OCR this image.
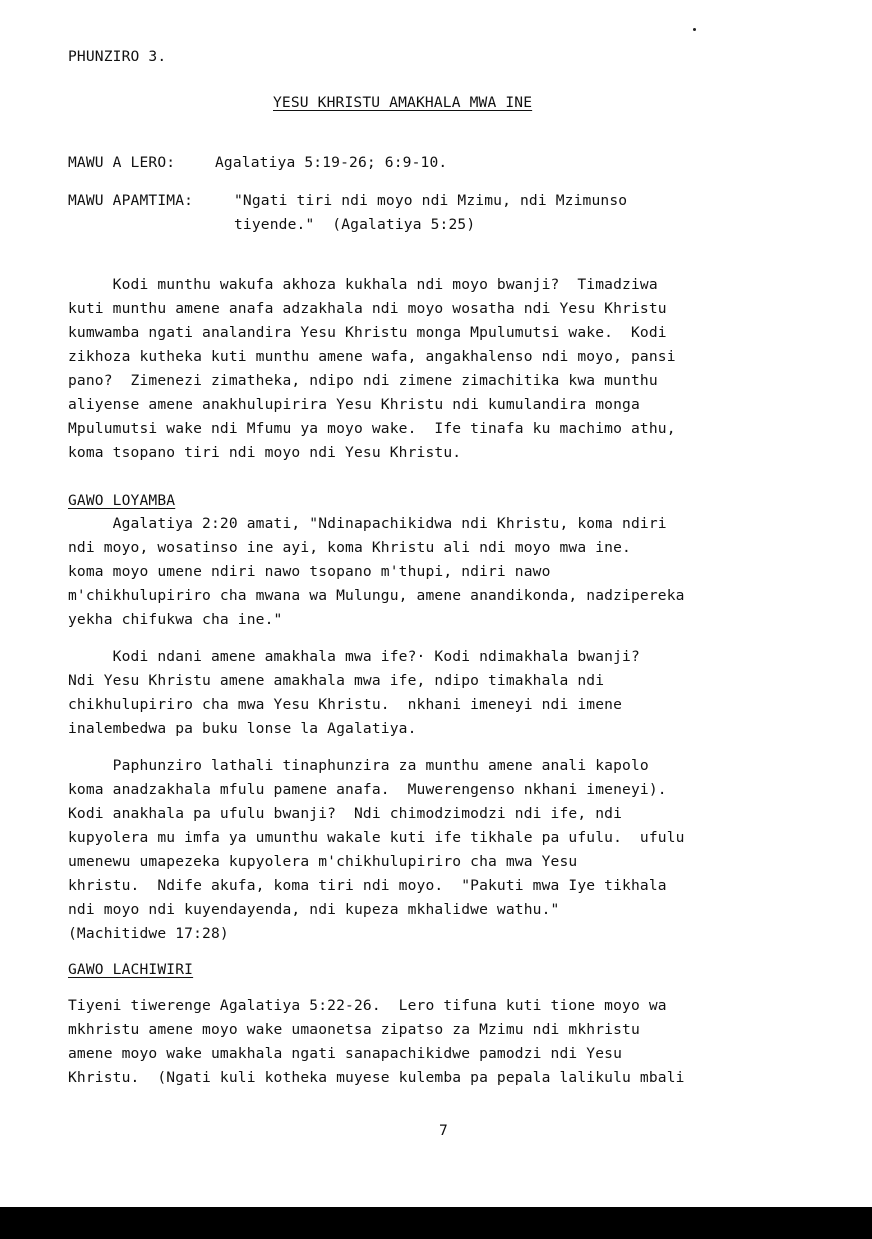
PHUNZIRO 3.
YESU KHRISTU AMAKHALA MWA INE
MAWU A LERO:	Agalatiya 5:19-26; 6:9-10.
MAWU APAMTIMA:	"Ngati tiri ndi moyo ndi Mzimu, ndi Mzimunso
tiyende."  (Agalatiya 5:25)
Kodi munthu wakufa akhoza kukhala ndi moyo bwanji?  Timadziwa
kuti munthu amene anafa adzakhala ndi moyo wosatha ndi Yesu Khristu
kumwamba ngati analandira Yesu Khristu monga Mpulumutsi wake.  Kodi
zikhoza kutheka kuti munthu amene wafa, angakhalenso ndi moyo, pansi
pano?  Zimenezi zimatheka, ndipo ndi zimene zimachitika kwa munthu
aliyense amene anakhulupirira Yesu Khristu ndi kumulandira monga
Mpulumutsi wake ndi Mfumu ya moyo wake.  Ife tinafa ku machimo athu,
koma tsopano tiri ndi moyo ndi Yesu Khristu.
GAWO LOYAMBA
Agalatiya 2:20 amati, "Ndinapachikidwa ndi Khristu, koma ndiri
ndi moyo, wosatinso ine ayi, koma Khristu ali ndi moyo mwa ine.
koma moyo umene ndiri nawo tsopano m'thupi, ndiri nawo
m'chikhulupiriro cha mwana wa Mulungu, amene anandikonda, nadzipereka
yekha chifukwa cha ine."
Kodi ndani amene amakhala mwa ife?· Kodi ndimakhala bwanji?
Ndi Yesu Khristu amene amakhala mwa ife, ndipo timakhala ndi
chikhulupiriro cha mwa Yesu Khristu.  nkhani imeneyi ndi imene
inalembedwa pa buku lonse la Agalatiya.
Paphunziro lathali tinaphunzira za munthu amene anali kapolo
koma anadzakhala mfulu pamene anafa.  Muwerengenso nkhani imeneyi).
Kodi anakhala pa ufulu bwanji?  Ndi chimodzimodzi ndi ife, ndi
kupyolera mu imfa ya umunthu wakale kuti ife tikhale pa ufulu.  ufulu
umenewu umapezeka kupyolera m'chikhulupiriro cha mwa Yesu
khristu.  Ndife akufa, koma tiri ndi moyo.  "Pakuti mwa Iye tikhala
ndi moyo ndi kuyendayenda, ndi kupeza mkhalidwe wathu."
(Machitidwe 17:28)
GAWO LACHIWIRI
Tiyeni tiwerenge Agalatiya 5:22-26.  Lero tifuna kuti tione moyo wa
mkhristu amene moyo wake umaonetsa zipatso za Mzimu ndi mkhristu
amene moyo wake umakhala ngati sanapachikidwe pamodzi ndi Yesu
Khristu.  (Ngati kuli kotheka muyese kulemba pa pepala lalikulu mbali
7
